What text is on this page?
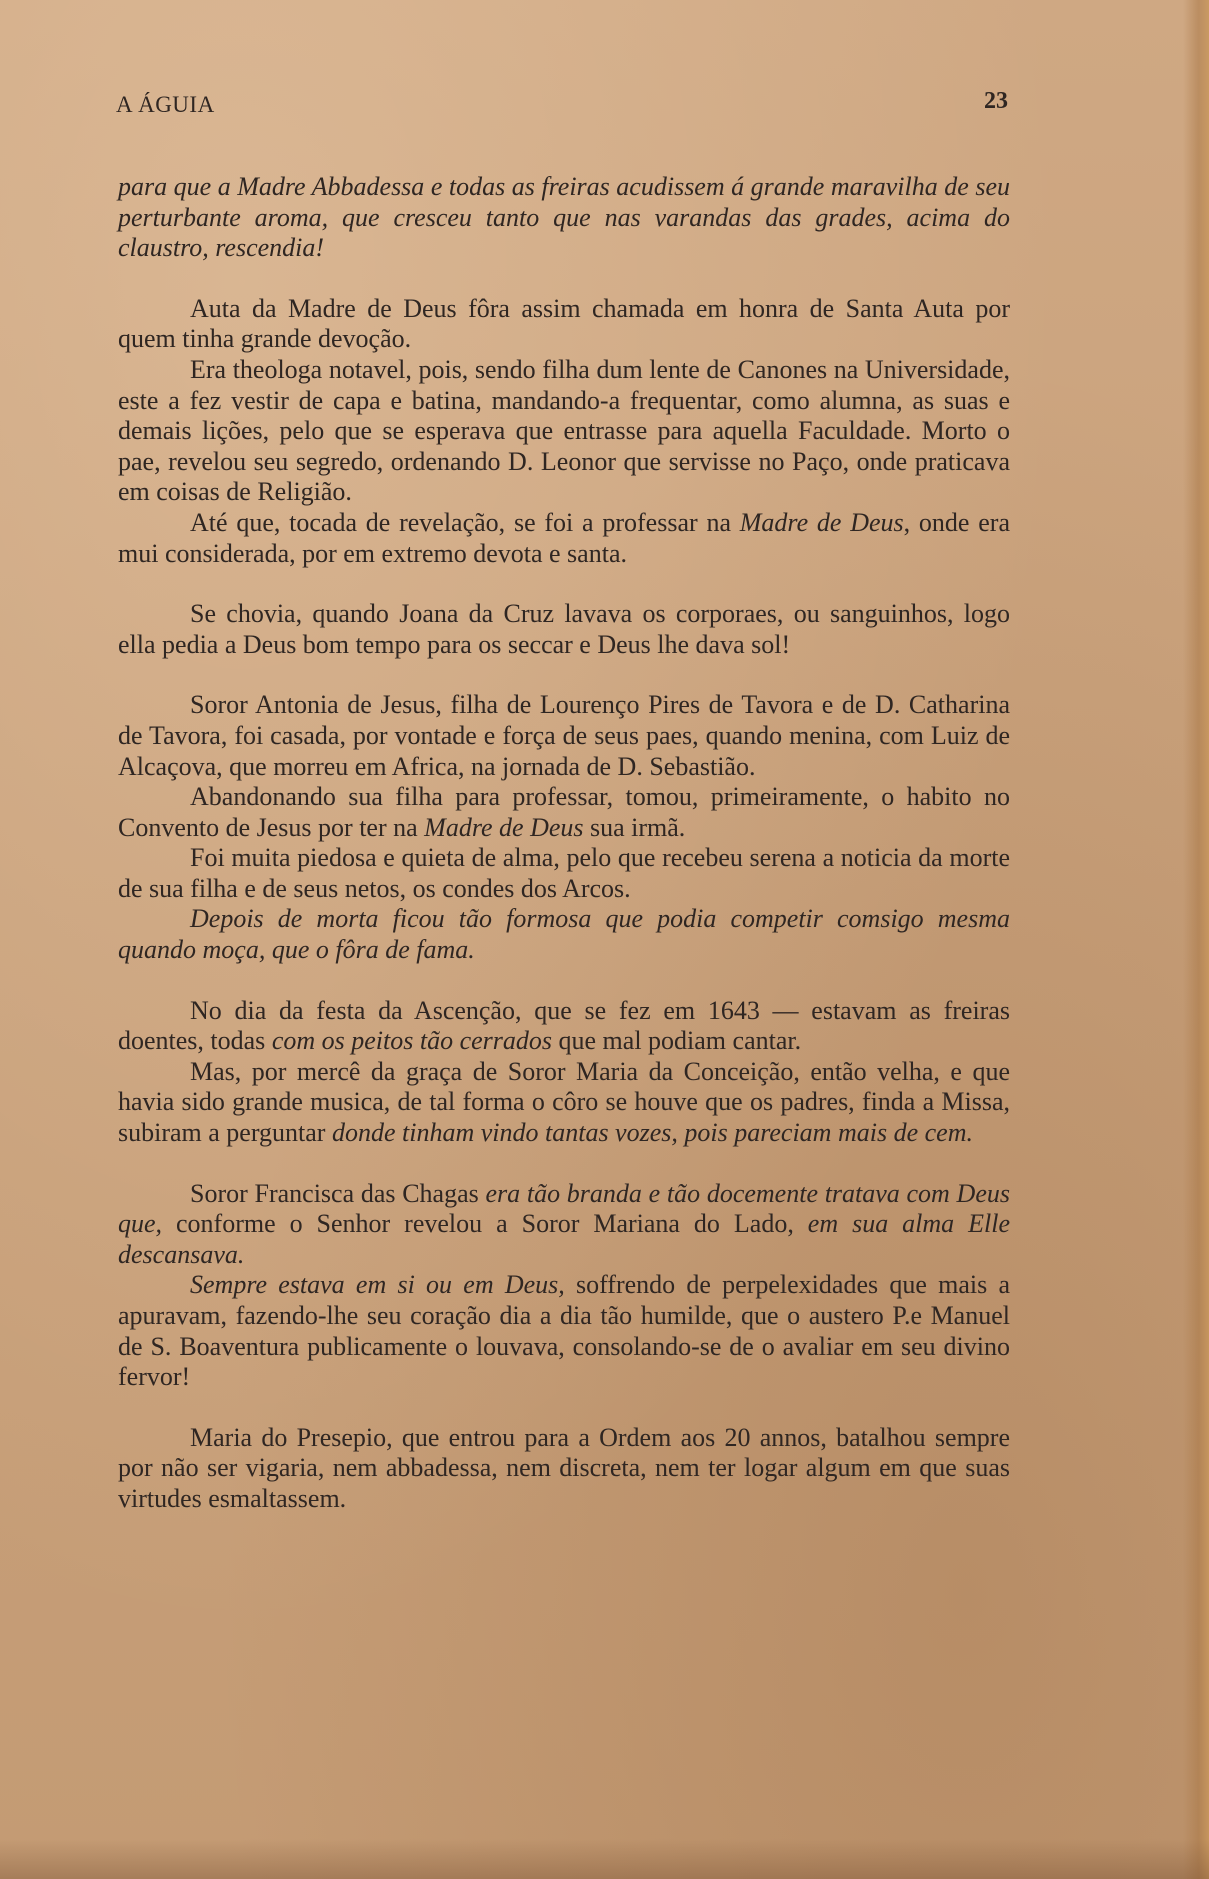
A ÁGUIA	23

para que a Madre Abbadessa e todas as freiras acudissem á grande maravilha de seu perturbante aroma, que cresceu tanto que nas varandas das grades, acima do claustro, rescendia!

Auta da Madre de Deus fôra assim chamada em honra de Santa Auta por quem tinha grande devoção.

Era theologa notavel, pois, sendo filha dum lente de Canones na Universidade, este a fez vestir de capa e batina, mandando-a frequentar, como alumna, as suas e demais lições, pelo que se esperava que entrasse para aquella Faculdade. Morto o pae, revelou seu segredo, ordenando D. Leonor que servisse no Paço, onde praticava em coisas de Religião.

Até que, tocada de revelação, se foi a professar na Madre de Deus, onde era mui considerada, por em extremo devota e santa.

Se chovia, quando Joana da Cruz lavava os corporaes, ou sanguinhos, logo ella pedia a Deus bom tempo para os seccar e Deus lhe dava sol!

Soror Antonia de Jesus, filha de Lourenço Pires de Tavora e de D. Catharina de Tavora, foi casada, por vontade e força de seus paes, quando menina, com Luiz de Alcaçova, que morreu em Africa, na jornada de D. Sebastião.

Abandonando sua filha para professar, tomou, primeiramente, o habito no Convento de Jesus por ter na Madre de Deus sua irmã.

Foi muita piedosa e quieta de alma, pelo que recebeu serena a noticia da morte de sua filha e de seus netos, os condes dos Arcos.

Depois de morta ficou tão formosa que podia competir comsigo mesma quando moça, que o fôra de fama.

No dia da festa da Ascenção, que se fez em 1643 — estavam as freiras doentes, todas com os peitos tão cerrados que mal podiam cantar.

Mas, por mercê da graça de Soror Maria da Conceição, então velha, e que havia sido grande musica, de tal forma o côro se houve que os padres, finda a Missa, subiram a perguntar donde tinham vindo tantas vozes, pois pareciam mais de cem.

Soror Francisca das Chagas era tão branda e tão docemente tratava com Deus que, conforme o Senhor revelou a Soror Mariana do Lado, em sua alma Elle descansava.

Sempre estava em si ou em Deus, soffrendo de perpelexidades que mais a apuravam, fazendo-lhe seu coração dia a dia tão humilde, que o austero P.e Manuel de S. Boaventura publicamente o louvava, consolando-se de o avaliar em seu divino fervor!

Maria do Presepio, que entrou para a Ordem aos 20 annos, batalhou sempre por não ser vigaria, nem abbadessa, nem discreta, nem ter logar algum em que suas virtudes esmaltassem.
